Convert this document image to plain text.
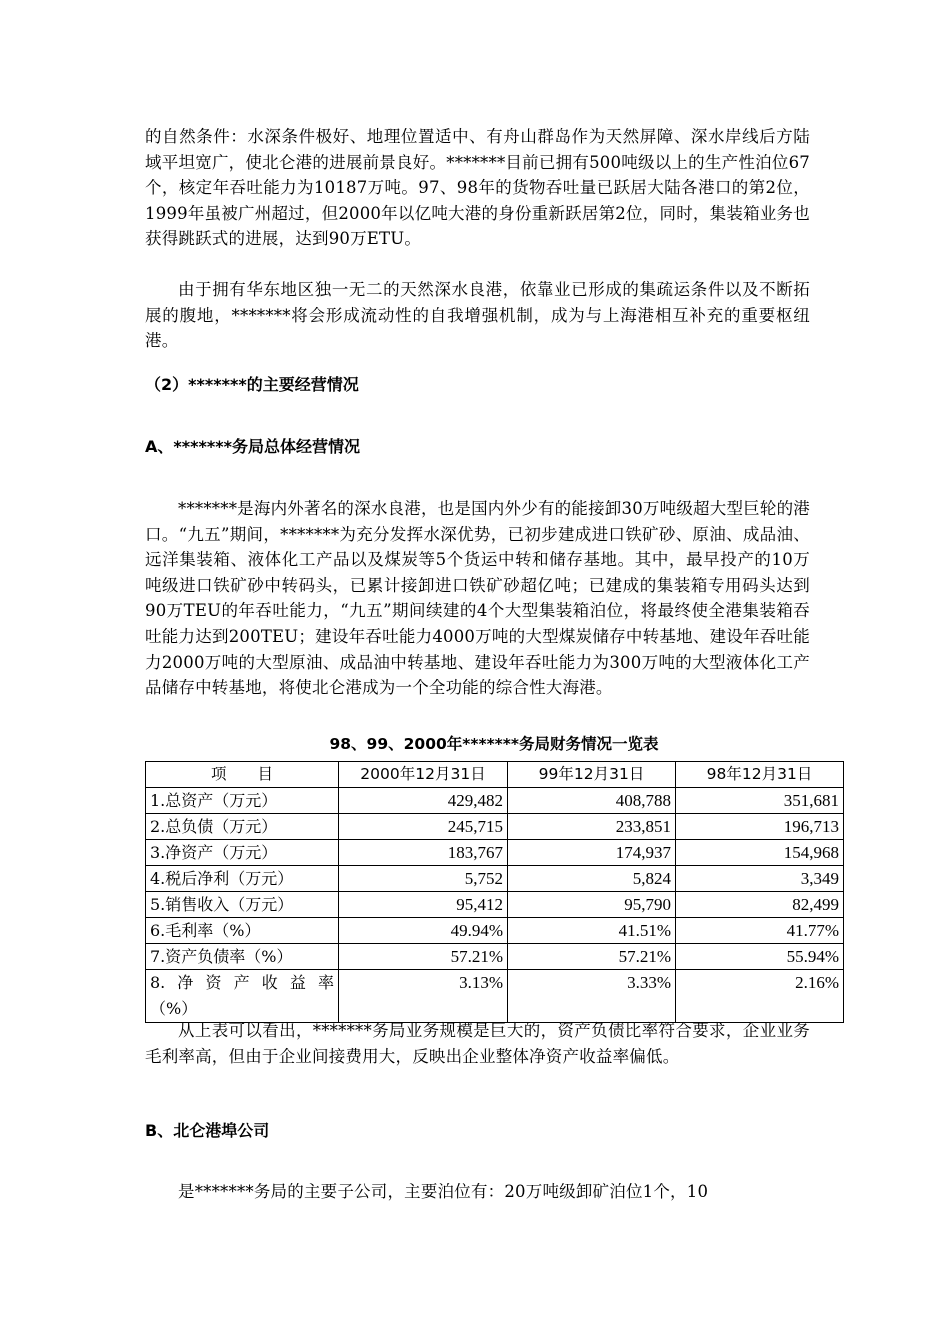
的自然条件：水深条件极好、地理位置适中、有舟山群岛作为天然屏障、深水岸线后方陆域平坦宽广，使北仑港的进展前景良好。*******目前已拥有500吨级以上的生产性泊位67个，核定年吞吐能力为10187万吨。97、98年的货物吞吐量已跃居大陆各港口的第2位，1999年虽被广州超过，但2000年以亿吨大港的身份重新跃居第2位，同时，集装箱业务也获得跳跃式的进展，达到90万ETU。

由于拥有华东地区独一无二的天然深水良港，依靠业已形成的集疏运条件以及不断拓展的腹地，*******将会形成流动性的自我增强机制，成为与上海港相互补充的重要枢纽港。

（2）*******的主要经营情况

A、*******务局总体经营情况

*******是海内外著名的深水良港，也是国内外少有的能接卸30万吨级超大型巨轮的港口。“九五”期间，*******为充分发挥水深优势，已初步建成进口铁矿砂、原油、成品油、远洋集装箱、液体化工产品以及煤炭等5个货运中转和储存基地。其中，最早投产的10万吨级进口铁矿砂中转码头，已累计接卸进口铁矿砂超亿吨；已建成的集装箱专用码头达到90万TEU的年吞吐能力，“九五”期间续建的4个大型集装箱泊位，将最终使全港集装箱吞吐能力达到200TEU；建设年吞吐能力4000万吨的大型煤炭储存中转基地、建设年吞吐能力2000万吨的大型原油、成品油中转基地、建设年吞吐能力为300万吨的大型液体化工产品储存中转基地，将使北仑港成为一个全功能的综合性大海港。

98、99、2000年*******务局财务情况一览表

项　　目	2000年12月31日	99年12月31日	98年12月31日
1.总资产（万元）	429,482	408,788	351,681
2.总负债（万元）	245,715	233,851	196,713
3.净资产（万元）	183,767	174,937	154,968
4.税后净利（万元）	5,752	5,824	3,349
5.销售收入（万元）	95,412	95,790	82,499
6.毛利率（%）	49.94%	41.51%	41.77%
7.资产负债率（%）	57.21%	57.21%	55.94%

8.净资产收益率
（%）	3.13%	3.33%	2.16%

从上表可以看出，*******务局业务规模是巨大的，资产负债比率符合要求，企业业务毛利率高，但由于企业间接费用大，反映出企业整体净资产收益率偏低。

B、北仑港埠公司

是*******务局的主要子公司，主要泊位有：20万吨级卸矿泊位1个，10
